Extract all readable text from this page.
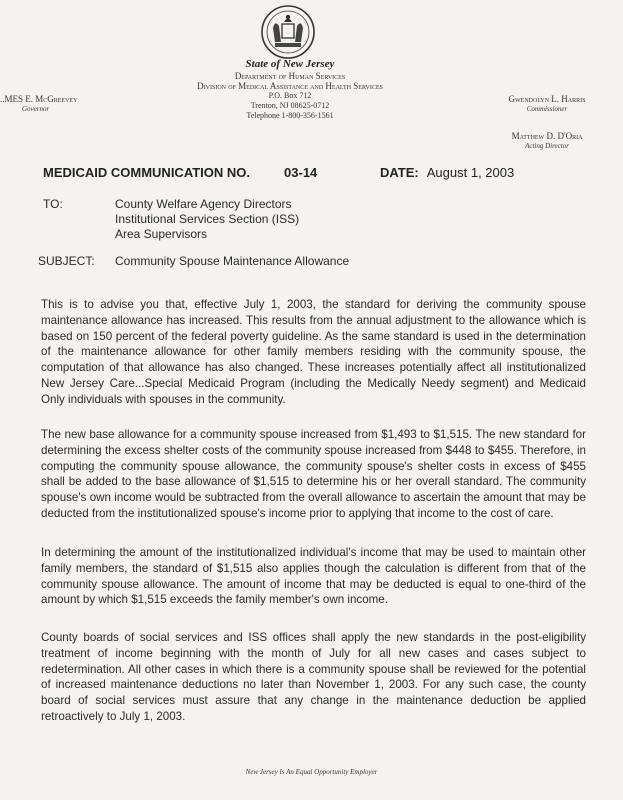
State of New Jersey
Department of Human Services
Division of Medical Assistance and Health Services
P.O. Box 712
Trenton, NJ 08625-0712
Telephone 1-800-356-1561
..MES E. McGreevey
Governor
Gwendolyn L. Harris
Commissioner
Matthew D. D'Oria
Acting Director
MEDICAID COMMUNICATION NO.	03-14	DATE: August 1, 2003
TO:	County Welfare Agency Directors
Institutional Services Section (ISS)
Area Supervisors
SUBJECT: Community Spouse Maintenance Allowance
This is to advise you that, effective July 1, 2003, the standard for deriving the community spouse maintenance allowance has increased. This results from the annual adjustment to the allowance which is based on 150 percent of the federal poverty guideline. As the same standard is used in the determination of the maintenance allowance for other family members residing with the community spouse, the computation of that allowance has also changed. These increases potentially affect all institutionalized New Jersey Care...Special Medicaid Program (including the Medically Needy segment) and Medicaid Only individuals with spouses in the community.
The new base allowance for a community spouse increased from $1,493 to $1,515. The new standard for determining the excess shelter costs of the community spouse increased from $448 to $455. Therefore, in computing the community spouse allowance, the community spouse's shelter costs in excess of $455 shall be added to the base allowance of $1,515 to determine his or her overall standard. The community spouse's own income would be subtracted from the overall allowance to ascertain the amount that may be deducted from the institutionalized spouse's income prior to applying that income to the cost of care.
In determining the amount of the institutionalized individual's income that may be used to maintain other family members, the standard of $1,515 also applies though the calculation is different from that of the community spouse allowance. The amount of income that may be deducted is equal to one-third of the amount by which $1,515 exceeds the family member's own income.
County boards of social services and ISS offices shall apply the new standards in the post-eligibility treatment of income beginning with the month of July for all new cases and cases subject to redetermination. All other cases in which there is a community spouse shall be reviewed for the potential of increased maintenance deductions no later than November 1, 2003. For any such case, the county board of social services must assure that any change in the maintenance deduction be applied retroactively to July 1, 2003.
New Jersey Is An Equal Opportunity Employer
